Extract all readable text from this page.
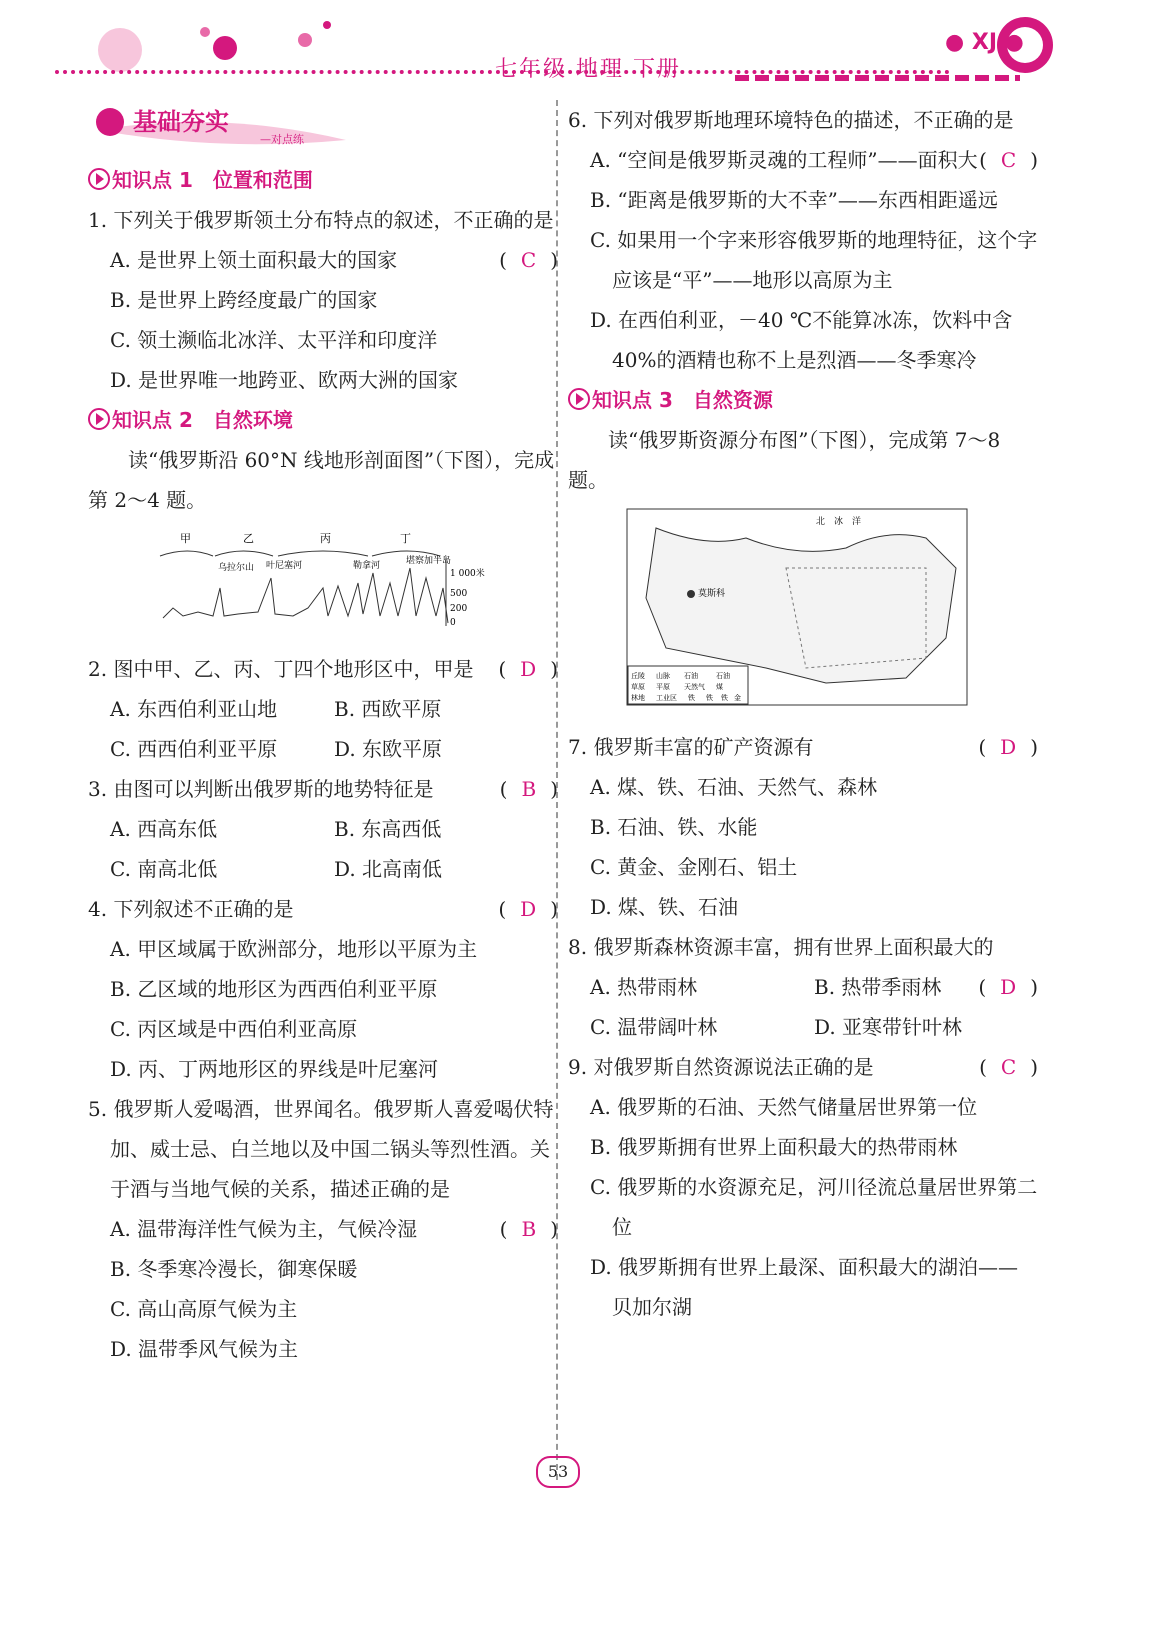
七年级 地理 下册
● XJ ●
基础夯实
—对点练
知识点 1　位置和范围
1. 下列关于俄罗斯领土分布特点的叙述，不正确的是
( C )
A. 是世界上领土面积最大的国家
B. 是世界上跨经度最广的国家
C. 领土濒临北冰洋、太平洋和印度洋
D. 是世界唯一地跨亚、欧两大洲的国家
知识点 2　自然环境
读“俄罗斯沿 60°N 线地形剖面图”（下图），完成第 2～4 题。
甲	乙	丙	丁
乌拉尔山 叶尼塞河	勒拿河	堪察加半岛
1 000米
500
200
0
2. 图中甲、乙、丙、丁四个地形区中，甲是 ( D )
A. 东西伯利亚山地	B. 西欧平原
C. 西西伯利亚平原	D. 东欧平原
3. 由图可以判断出俄罗斯的地势特征是	( B )
A. 西高东低	B. 东高西低
C. 南高北低	D. 北高南低
4. 下列叙述不正确的是	( D )
A. 甲区域属于欧洲部分，地形以平原为主
B. 乙区域的地形区为西西伯利亚平原
C. 丙区域是中西伯利亚高原
D. 丙、丁两地形区的界线是叶尼塞河
5. 俄罗斯人爱喝酒，世界闻名。俄罗斯人喜爱喝伏特加、威士忌、白兰地以及中国二锅头等烈性酒。关于酒与当地气候的关系，描述正确的是
( B )
A. 温带海洋性气候为主，气候冷湿
B. 冬季寒冷漫长，御寒保暖
C. 高山高原气候为主
D. 温带季风气候为主
6. 下列对俄罗斯地理环境特色的描述，不正确的是
( C )
A. “空间是俄罗斯灵魂的工程师”——面积大
B. “距离是俄罗斯的大不幸”——东西相距遥远
C. 如果用一个字来形容俄罗斯的地理特征，这个字应该是“平”——地形以高原为主
D. 在西伯利亚，－40 ℃不能算冰冻，饮料中含40%的酒精也称不上是烈酒——冬季寒冷
知识点 3　自然资源
读“俄罗斯资源分布图”（下图），完成第 7～8 题。
北　冰　洋
莫斯科
丘陵 山脉 石油	石油
草原 平原 天然气 煤
林地 工业区 铁 铁 铁 金
7. 俄罗斯丰富的矿产资源有	( D )
A. 煤、铁、石油、天然气、森林
B. 石油、铁、水能
C. 黄金、金刚石、铝土
D. 煤、铁、石油
8. 俄罗斯森林资源丰富，拥有世界上面积最大的
( D )
A. 热带雨林	B. 热带季雨林
C. 温带阔叶林	D. 亚寒带针叶林
9. 对俄罗斯自然资源说法正确的是	( C )
A. 俄罗斯的石油、天然气储量居世界第一位
B. 俄罗斯拥有世界上面积最大的热带雨林
C. 俄罗斯的水资源充足，河川径流总量居世界第二位
D. 俄罗斯拥有世界上最深、面积最大的湖泊——贝加尔湖
53
